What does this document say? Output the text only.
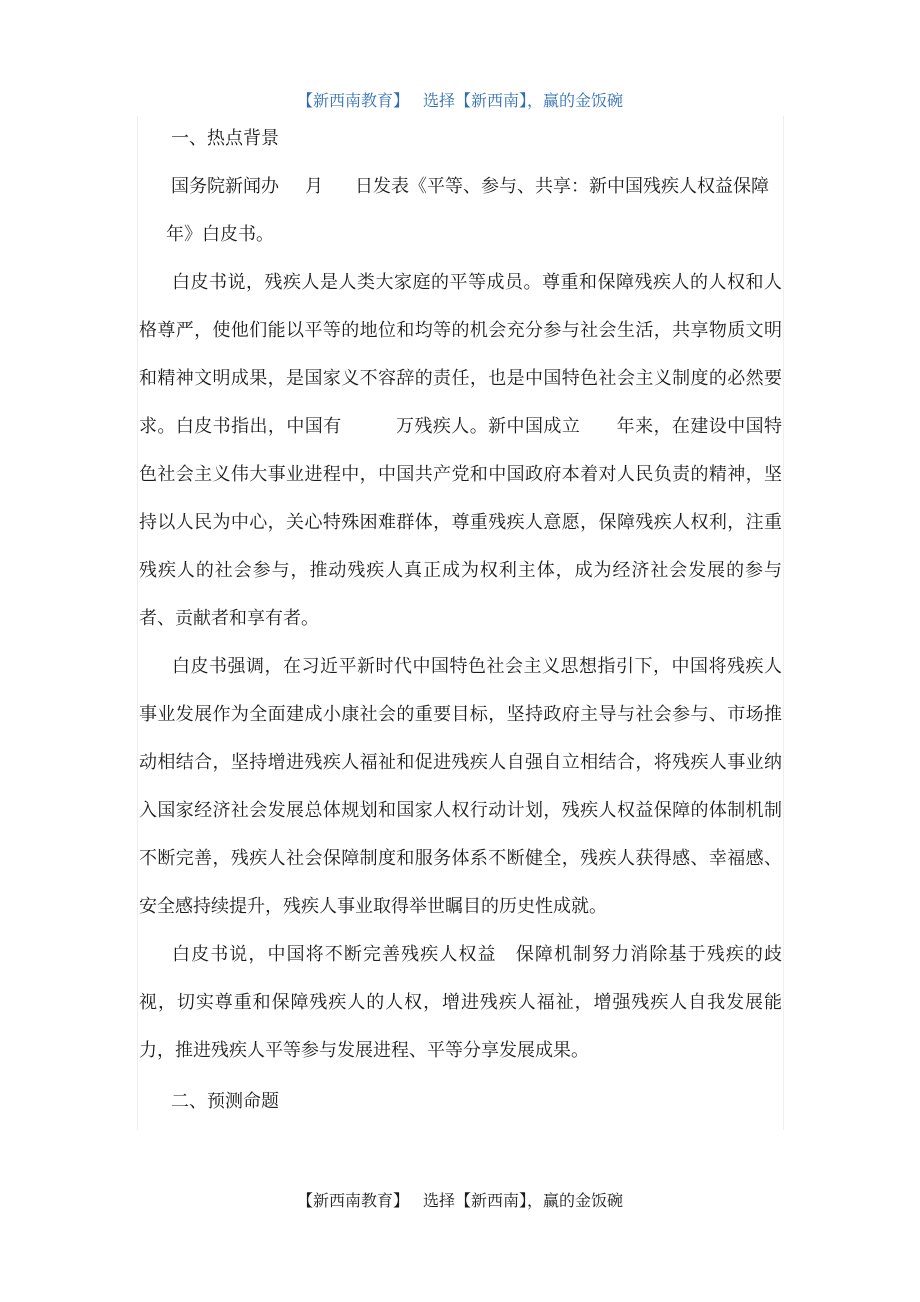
【新西南教育】 选择【新西南】，赢的金饭碗

一、热点背景

国务院新闻办 月 日发表《平等、参与、共享：新中国残疾人权益保障

年》白皮书。

白皮书说，残疾人是人类大家庭的平等成员。尊重和保障残疾人的人权和人格尊严，使他们能以平等的地位和均等的机会充分参与社会生活，共享物质文明和精神文明成果，是国家义不容辞的责任，也是中国特色社会主义制度的必然要求。白皮书指出，中国有	万残疾人。新中国成立 年来，在建设中国特色社会主义伟大事业进程中，中国共产党和中国政府本着对人民负责的精神，坚持以人民为中心，关心特殊困难群体，尊重残疾人意愿，保障残疾人权利，注重残疾人的社会参与，推动残疾人真正成为权利主体，成为经济社会发展的参与者、贡献者和享有者。

白皮书强调，在习近平新时代中国特色社会主义思想指引下，中国将残疾人事业发展作为全面建成小康社会的重要目标，坚持政府主导与社会参与、市场推动相结合，坚持增进残疾人福祉和促进残疾人自强自立相结合，将残疾人事业纳入国家经济社会发展总体规划和国家人权行动计划，残疾人权益保障的体制机制不断完善，残疾人社会保障制度和服务体系不断健全，残疾人获得感、幸福感、安全感持续提升，残疾人事业取得举世瞩目的历史性成就。

白皮书说，中国将不断完善残疾人权益 保障机制努力消除基于残疾的歧视，切实尊重和保障残疾人的人权，增进残疾人福祉，增强残疾人自我发展能力，推进残疾人平等参与发展进程、平等分享发展成果。

二、预测命题

【新西南教育】 选择【新西南】，赢的金饭碗
